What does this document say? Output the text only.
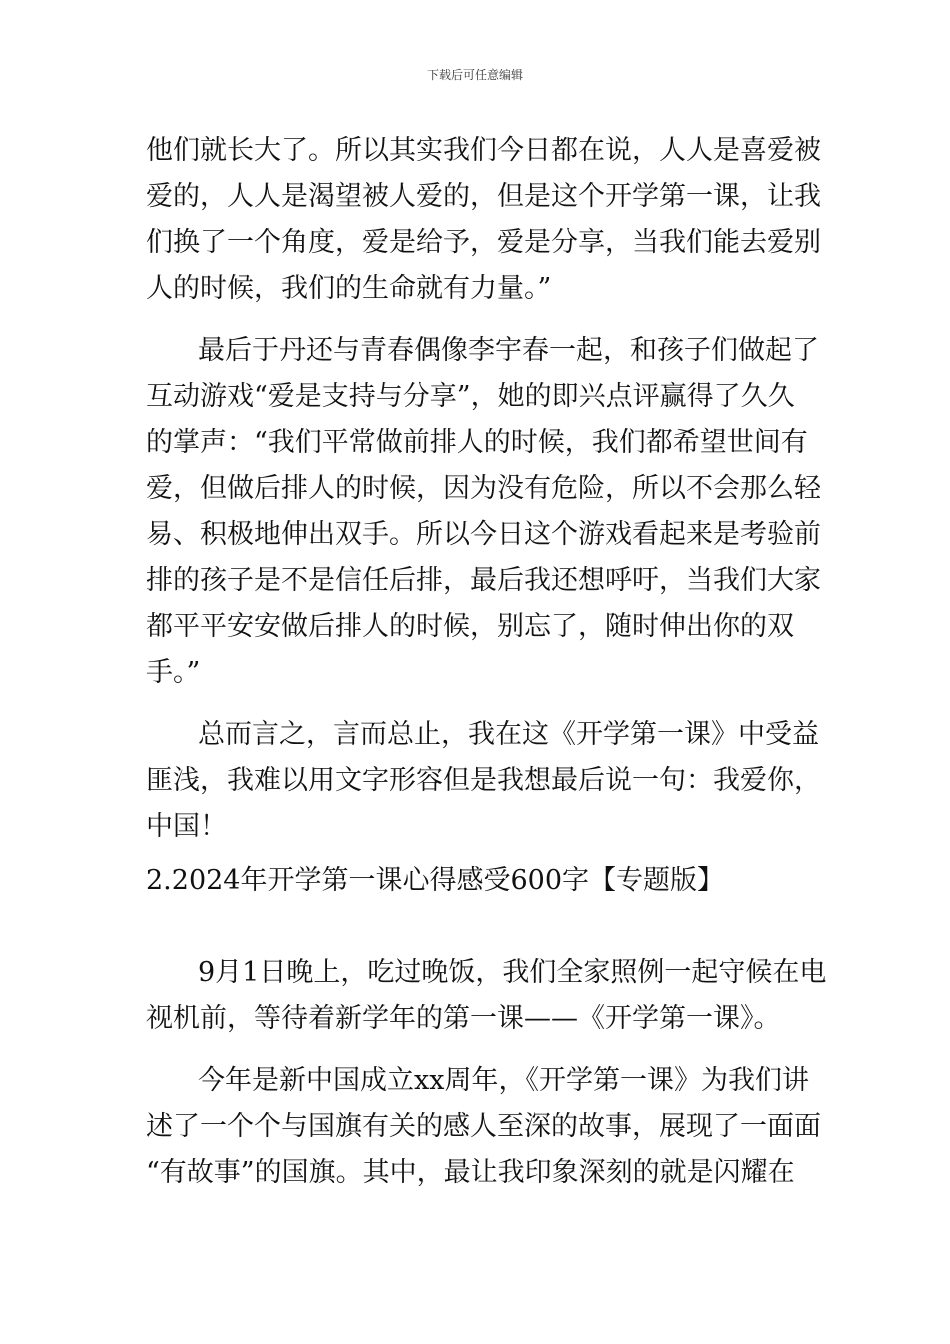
下载后可任意编辑
他们就长大了。所以其实我们今日都在说，人人是喜爱被
爱的，人人是渴望被人爱的，但是这个开学第一课，让我
们换了一个角度，爱是给予，爱是分享，当我们能去爱别
人的时候，我们的生命就有力量。”
最后于丹还与青春偶像李宇春一起，和孩子们做起了
互动游戏“爱是支持与分享”，她的即兴点评赢得了久久
的掌声：“我们平常做前排人的时候，我们都希望世间有
爱，但做后排人的时候，因为没有危险，所以不会那么轻
易、积极地伸出双手。所以今日这个游戏看起来是考验前
排的孩子是不是信任后排，最后我还想呼吁，当我们大家
都平平安安做后排人的时候，别忘了，随时伸出你的双
手。”
总而言之，言而总止，我在这《开学第一课》中受益
匪浅，我难以用文字形容但是我想最后说一句：我爱你，
中国！
2.2024年开学第一课心得感受600字【专题版】
9月1日晚上，吃过晚饭，我们全家照例一起守候在电
视机前，等待着新学年的第一课——《开学第一课》。
今年是新中国成立xx周年，《开学第一课》为我们讲
述了一个个与国旗有关的感人至深的故事，展现了一面面
“有故事”的国旗。其中，最让我印象深刻的就是闪耀在
